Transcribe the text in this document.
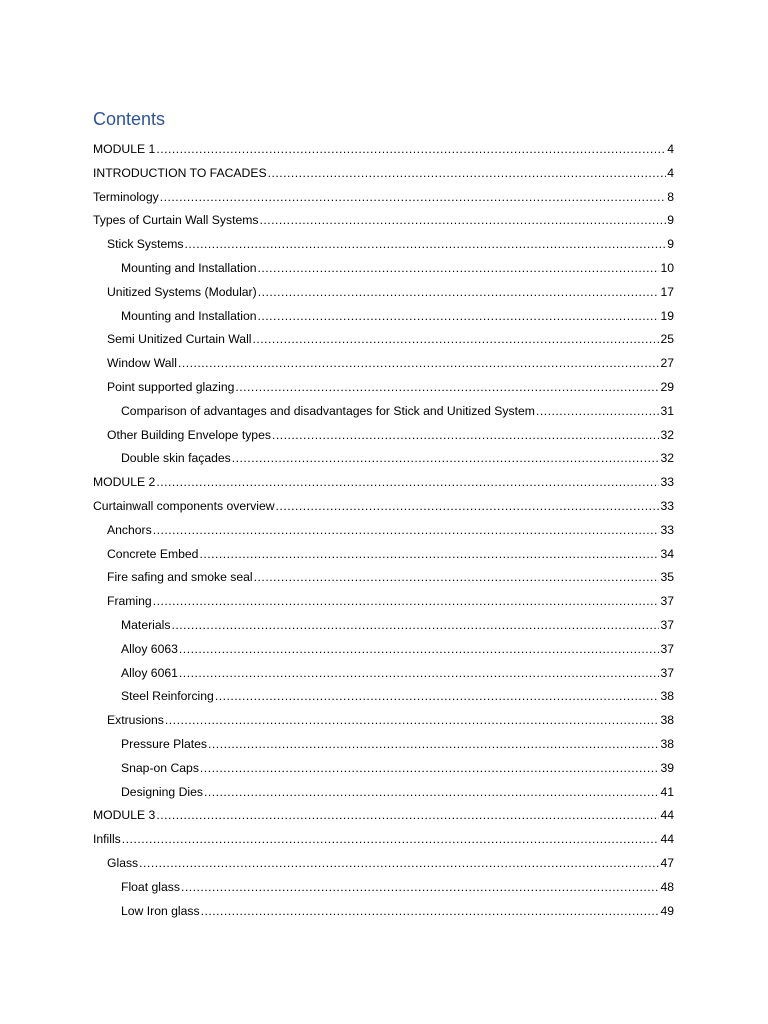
Contents
MODULE 1 .....	4
INTRODUCTION TO FACADES .....	4
Terminology .....	8
Types of Curtain Wall Systems .....	9
Stick Systems .....	9
Mounting and Installation .....	10
Unitized Systems (Modular) .....	17
Mounting and Installation .....	19
Semi Unitized Curtain Wall .....	25
Window Wall .....	27
Point supported glazing .....	29
Comparison of advantages and disadvantages for Stick and Unitized System .....	31
Other Building Envelope types .....	32
Double skin façades .....	32
MODULE 2 .....	33
Curtainwall components overview .....	33
Anchors .....	33
Concrete Embed .....	34
Fire safing and smoke seal .....	35
Framing .....	37
Materials .....	37
Alloy 6063 .....	37
Alloy 6061 .....	37
Steel Reinforcing .....	38
Extrusions .....	38
Pressure Plates .....	38
Snap-on Caps .....	39
Designing Dies .....	41
MODULE 3 .....	44
Infills .....	44
Glass .....	47
Float glass .....	48
Low Iron glass .....	49
